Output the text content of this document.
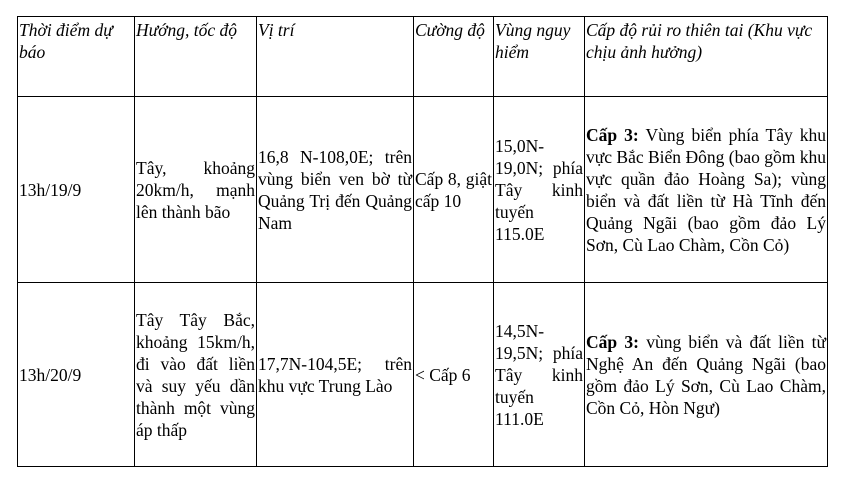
Thời điểm dự báo	Hướng, tốc độ	Vị trí	Cường độ	Vùng nguy hiểm	Cấp độ rủi ro thiên tai (Khu vực chịu ảnh hưởng)
13h/19/9	Tây, khoảng 20km/h, mạnh lên thành bão	16,8 N-108,0E; trên vùng biển ven bờ từ Quảng Trị đến Quảng Nam	Cấp 8, giật cấp 10	15,0N-19,0N; phía Tây kinh tuyến 115.0E	Cấp 3: Vùng biển phía Tây khu vực Bắc Biển Đông (bao gồm khu vực quần đảo Hoàng Sa); vùng biển và đất liền từ Hà Tĩnh đến Quảng Ngãi (bao gồm đảo Lý Sơn, Cù Lao Chàm, Cồn Cỏ)
13h/20/9	Tây Tây Bắc, khoảng 15km/h, đi vào đất liền và suy yếu dần thành một vùng áp thấp	17,7N-104,5E; trên khu vực Trung Lào	< Cấp 6	14,5N-19,5N; phía Tây kinh tuyến 111.0E	Cấp 3: vùng biển và đất liền từ Nghệ An đến Quảng Ngãi (bao gồm đảo Lý Sơn, Cù Lao Chàm, Cồn Cỏ, Hòn Ngư)
